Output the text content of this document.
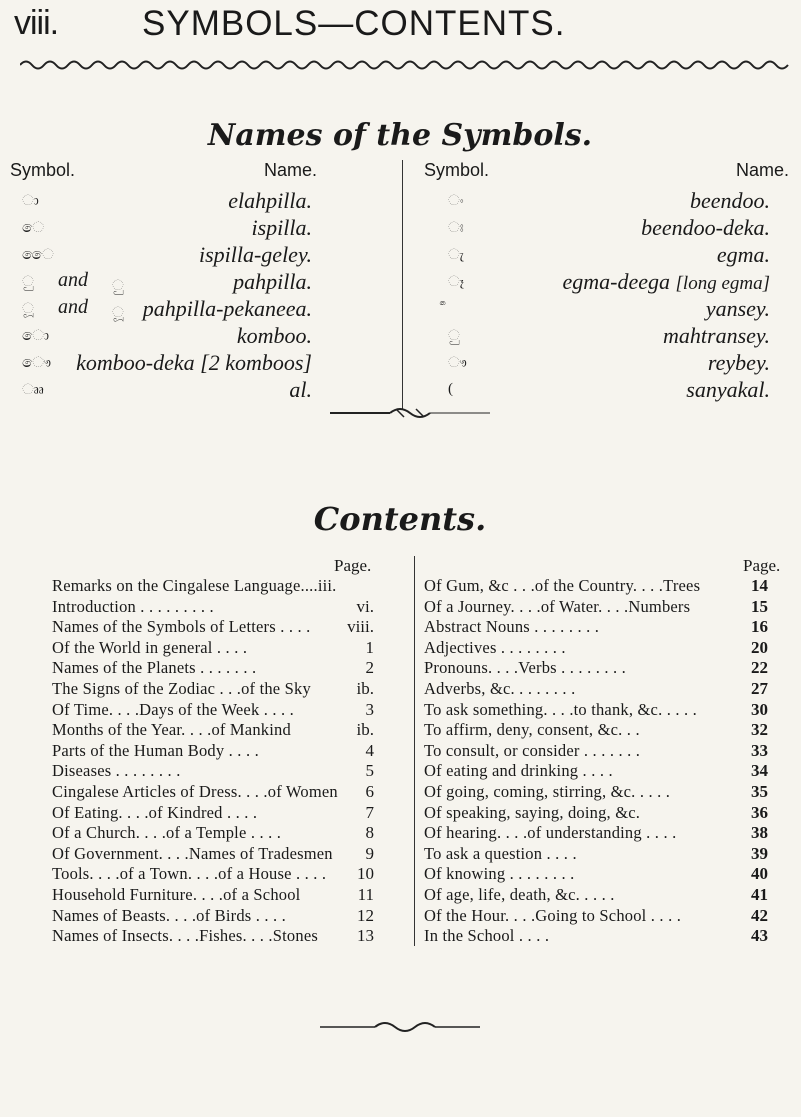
viii. SYMBOLS—CONTENTS.
Names of the Symbols.
Symbol.	Name.	Symbol.	Name.
ා	elahpilla.
ෙ	ispilla.
ෛ	ispilla-geley.
ු and ු	pahpilla.
ූ and ූ pahpilla-pekaneea.
ො	komboo.
ෞ komboo-deka [2 komboos]
ෲ	al.
ං	beendoo.
ඃ	beendoo-deka.
ැ	egma.
ෑ	egma-deega [long egma]
yansey.
ු	mahtransey.
ෟ	reybey.
(	sanyakal.
Contents.
Page.	Page.
Remarks on the Cingalese Language....iii.
Introduction . . . . . . . . .	vi.
Names of the Symbols of Letters . . . . viii.
Of the World in general . . . .	1
Names of the Planets . . . . . . .	2
The Signs of the Zodiac . . .of the Sky	ib.
Of Time. . . .Days of the Week . . . .	3
Months of the Year. . . .of Mankind	ib.
Parts of the Human Body . . . .	4
Diseases . . . . . . . .	5
Cingalese Articles of Dress. . . .of Women 6
Of Eating. . . .of Kindred . . . .	7
Of a Church. . . .of a Temple . . . .	8
Of Government. . . .Names of Tradesmen 9
Tools. . . .of a Town. . . .of a House . . . . 10
Household Furniture. . . .of a School	11
Names of Beasts. . . .of Birds . . . .	12
Names of Insects. . . .Fishes. . . .Stones 13
Of Gum, &c . . .of the Country. . . .Trees	14
Of a Journey. . . .of Water. . . .Numbers	15
Abstract Nouns . . . . . . . .	16
Adjectives . . . . . . . .	20
Pronouns. . . .Verbs . . . . . . . .	22
Adverbs, &c. . . . . . . .	27
To ask something. . . .to thank, &c. . . . .	30
To affirm, deny, consent, &c. . .	32
To consult, or consider . . . . . . .	33
Of eating and drinking . . . .	34
Of going, coming, stirring, &c. . . . .	35
Of speaking, saying, doing, &c.	36
Of hearing. . . .of understanding . . . .	38
To ask a question . . . .	39
Of knowing . . . . . . . .	40
Of age, life, death, &c. . . . .	41
Of the Hour. . . .Going to School . . . .	42
In the School . . . .	43
